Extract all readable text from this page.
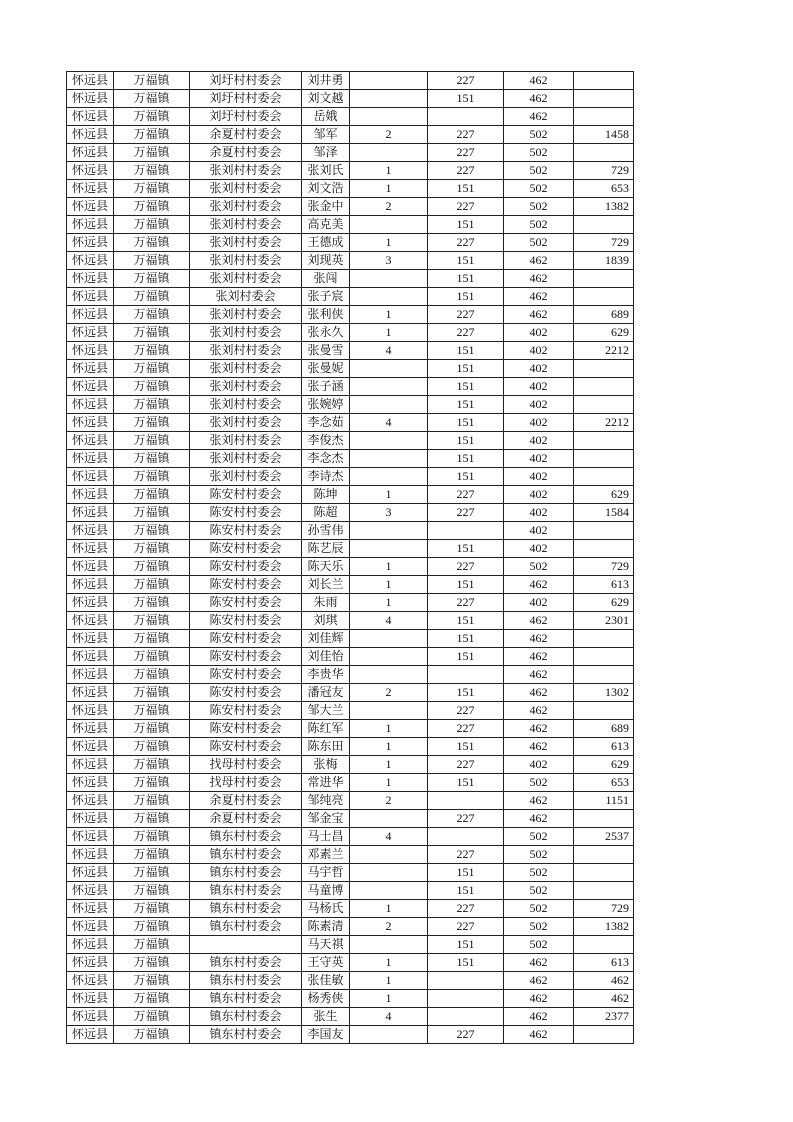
怀远县	万福镇	刘圩村村委会	刘井勇		227	462	
怀远县	万福镇	刘圩村村委会	刘文越		151	462	
怀远县	万福镇	刘圩村村委会	岳娥			462	
怀远县	万福镇	余夏村村委会	邹军	2	227	502	1458
怀远县	万福镇	余夏村村委会	邹泽		227	502	
怀远县	万福镇	张刘村村委会	张刘氏	1	227	502	729
怀远县	万福镇	张刘村村委会	刘文浩	1	151	502	653
怀远县	万福镇	张刘村村委会	张金中	2	227	502	1382
怀远县	万福镇	张刘村村委会	高克美		151	502	
怀远县	万福镇	张刘村村委会	王德成	1	227	502	729
怀远县	万福镇	张刘村村委会	刘现英	3	151	462	1839
怀远县	万福镇	张刘村村委会	张闯		151	462	
怀远县	万福镇	张刘村委会	张子宸		151	462	
怀远县	万福镇	张刘村村委会	张利侠	1	227	462	689
怀远县	万福镇	张刘村村委会	张永久	1	227	402	629
怀远县	万福镇	张刘村村委会	张曼雪	4	151	402	2212
怀远县	万福镇	张刘村村委会	张曼妮		151	402	
怀远县	万福镇	张刘村村委会	张子涵		151	402	
怀远县	万福镇	张刘村村委会	张婉婷		151	402	
怀远县	万福镇	张刘村村委会	李念茹	4	151	402	2212
怀远县	万福镇	张刘村村委会	李俊杰		151	402	
怀远县	万福镇	张刘村村委会	李念杰		151	402	
怀远县	万福镇	张刘村村委会	李诗杰		151	402	
怀远县	万福镇	陈安村村委会	陈坤	1	227	402	629
怀远县	万福镇	陈安村村委会	陈超	3	227	402	1584
怀远县	万福镇	陈安村村委会	孙雪伟			402	
怀远县	万福镇	陈安村村委会	陈艺辰		151	402	
怀远县	万福镇	陈安村村委会	陈天乐	1	227	502	729
怀远县	万福镇	陈安村村委会	刘长兰	1	151	462	613
怀远县	万福镇	陈安村村委会	朱雨	1	227	402	629
怀远县	万福镇	陈安村村委会	刘琪	4	151	462	2301
怀远县	万福镇	陈安村村委会	刘佳辉		151	462	
怀远县	万福镇	陈安村村委会	刘佳怡		151	462	
怀远县	万福镇	陈安村村委会	李贵华			462	
怀远县	万福镇	陈安村村委会	潘冠友	2	151	462	1302
怀远县	万福镇	陈安村村委会	邹大兰		227	462	
怀远县	万福镇	陈安村村委会	陈红军	1	227	462	689
怀远县	万福镇	陈安村村委会	陈东田	1	151	462	613
怀远县	万福镇	找母村村委会	张梅	1	227	402	629
怀远县	万福镇	找母村村委会	常进华	1	151	502	653
怀远县	万福镇	余夏村村委会	邹纯亮	2		462	1151
怀远县	万福镇	余夏村村委会	邹金宝		227	462	
怀远县	万福镇	镇东村村委会	马士昌	4		502	2537
怀远县	万福镇	镇东村村委会	邓素兰		227	502	
怀远县	万福镇	镇东村村委会	马宇哲		151	502	
怀远县	万福镇	镇东村村委会	马童博		151	502	
怀远县	万福镇	镇东村村委会	马杨氏	1	227	502	729
怀远县	万福镇	镇东村村委会	陈素清	2	227	502	1382
怀远县	万福镇		马天祺		151	502	
怀远县	万福镇	镇东村村委会	王守英	1	151	462	613
怀远县	万福镇	镇东村村委会	张佳敏	1		462	462
怀远县	万福镇	镇东村村委会	杨秀侠	1		462	462
怀远县	万福镇	镇东村村委会	张生	4		462	2377
怀远县	万福镇	镇东村村委会	李国友		227	462	
